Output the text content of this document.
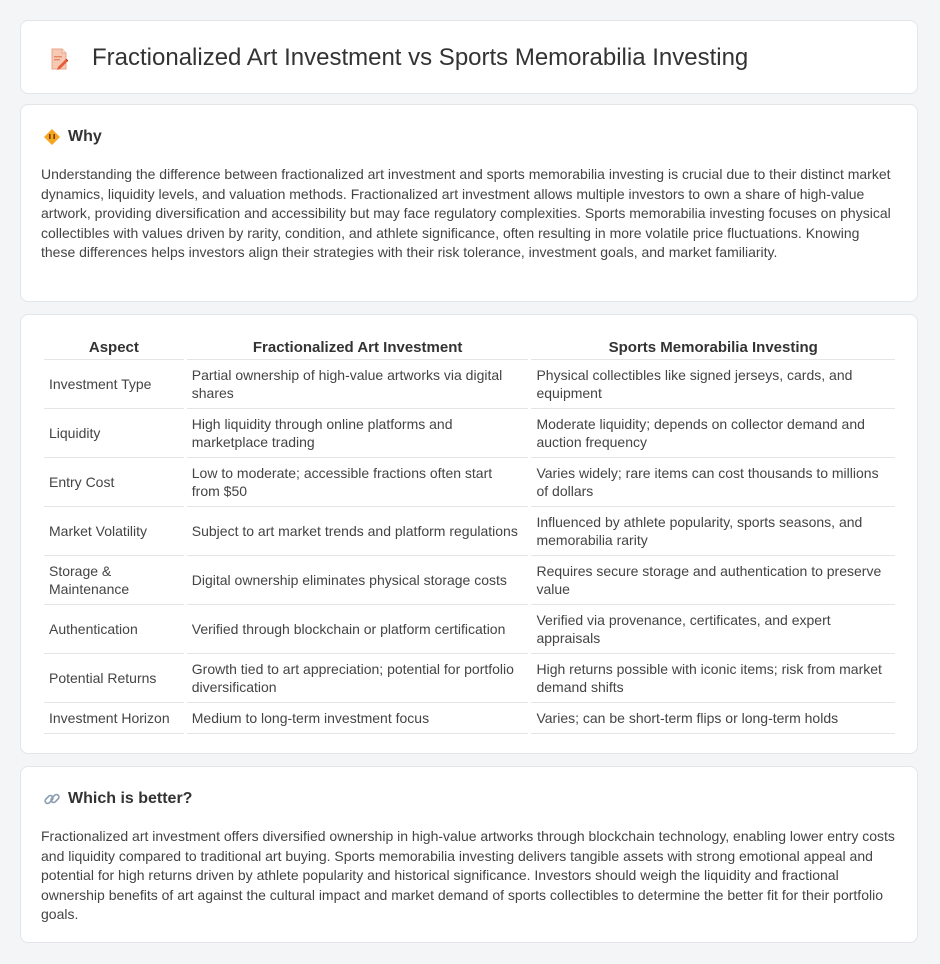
Fractionalized Art Investment vs Sports Memorabilia Investing
Why

Understanding the difference between fractionalized art investment and sports memorabilia investing is crucial due to their distinct market dynamics, liquidity levels, and valuation methods. Fractionalized art investment allows multiple investors to own a share of high-value artwork, providing diversification and accessibility but may face regulatory complexities. Sports memorabilia investing focuses on physical collectibles with values driven by rarity, condition, and athlete significance, often resulting in more volatile price fluctuations. Knowing these differences helps investors align their strategies with their risk tolerance, investment goals, and market familiarity.

Aspect	Fractionalized Art Investment	Sports Memorabilia Investing
Investment Type	Partial ownership of high-value artworks via digital shares	Physical collectibles like signed jerseys, cards, and equipment
Liquidity	High liquidity through online platforms and marketplace trading	Moderate liquidity; depends on collector demand and auction frequency
Entry Cost	Low to moderate; accessible fractions often start from $50	Varies widely; rare items can cost thousands to millions of dollars
Market Volatility	Subject to art market trends and platform regulations	Influenced by athlete popularity, sports seasons, and memorabilia rarity
Storage & Maintenance	Digital ownership eliminates physical storage costs	Requires secure storage and authentication to preserve value
Authentication	Verified through blockchain or platform certification	Verified via provenance, certificates, and expert appraisals
Potential Returns	Growth tied to art appreciation; potential for portfolio diversification	High returns possible with iconic items; risk from market demand shifts
Investment Horizon	Medium to long-term investment focus	Varies; can be short-term flips or long-term holds
Which is better?

Fractionalized art investment offers diversified ownership in high-value artworks through blockchain technology, enabling lower entry costs and liquidity compared to traditional art buying. Sports memorabilia investing delivers tangible assets with strong emotional appeal and potential for high returns driven by athlete popularity and historical significance. Investors should weigh the liquidity and fractional ownership benefits of art against the cultural impact and market demand of sports collectibles to determine the better fit for their portfolio goals.
